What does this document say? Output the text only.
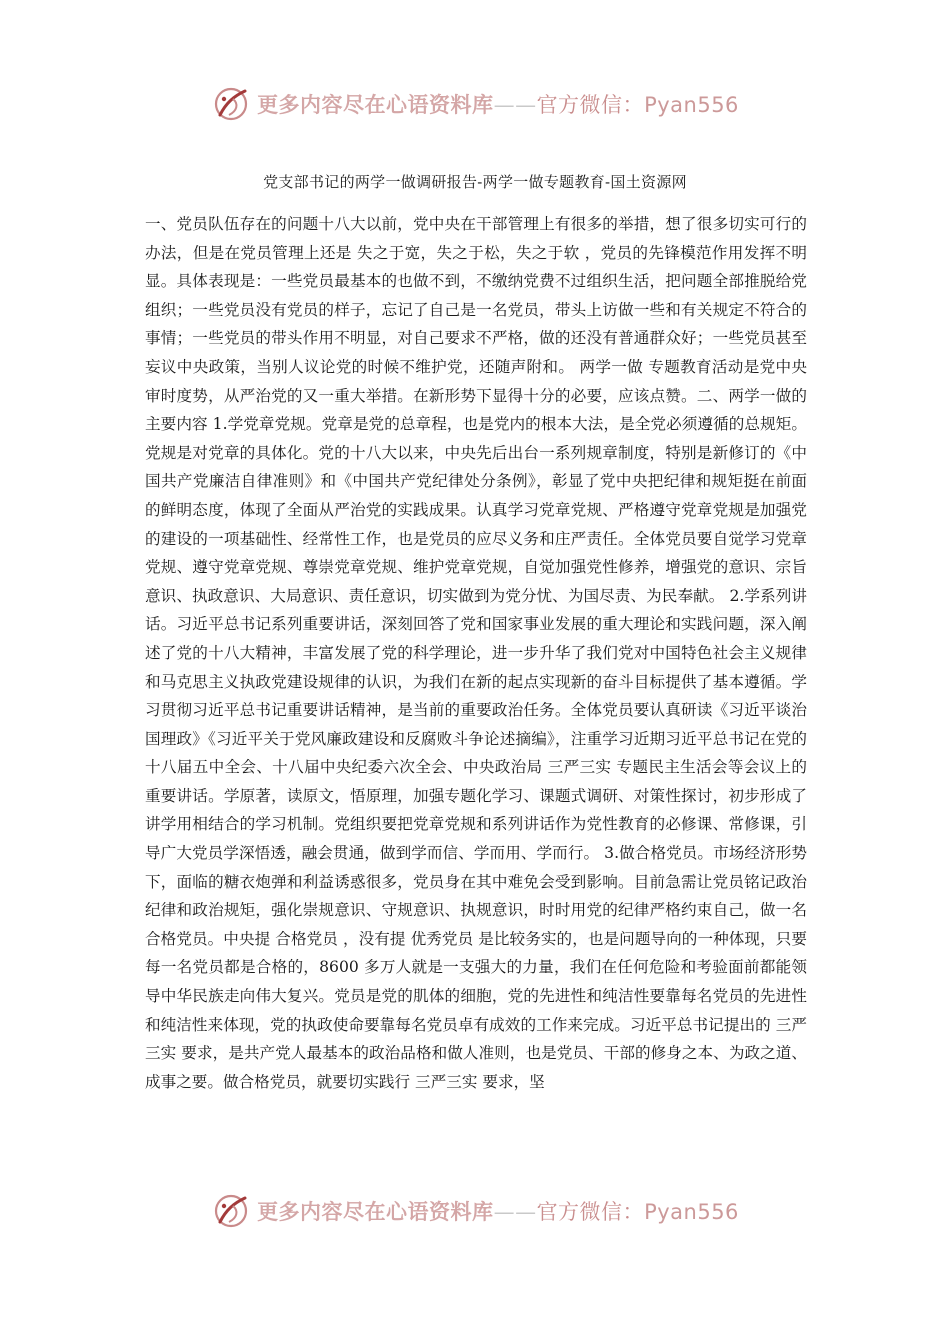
更多内容尽在心语资料库——官方微信：Pyan556
党支部书记的两学一做调研报告-两学一做专题教育-国土资源网
一、党员队伍存在的问题十八大以前，党中央在干部管理上有很多的举措，想了很多切实可行的办法，但是在党员管理上还是 失之于宽，失之于松，失之于软 ，党员的先锋模范作用发挥不明显。具体表现是：一些党员最基本的也做不到，不缴纳党费不过组织生活，把问题全部推脱给党组织；一些党员没有党员的样子，忘记了自己是一名党员，带头上访做一些和有关规定不符合的事情；一些党员的带头作用不明显，对自己要求不严格，做的还没有普通群众好；一些党员甚至妄议中央政策，当别人议论党的时候不维护党，还随声附和。 两学一做 专题教育活动是党中央审时度势，从严治党的又一重大举措。在新形势下显得十分的必要，应该点赞。二、两学一做的主要内容 1.学党章党规。党章是党的总章程，也是党内的根本大法，是全党必须遵循的总规矩。党规是对党章的具体化。党的十八大以来，中央先后出台一系列规章制度，特别是新修订的《中国共产党廉洁自律准则》和《中国共产党纪律处分条例》，彰显了党中央把纪律和规矩挺在前面的鲜明态度，体现了全面从严治党的实践成果。认真学习党章党规、严格遵守党章党规是加强党的建设的一项基础性、经常性工作，也是党员的应尽义务和庄严责任。全体党员要自觉学习党章党规、遵守党章党规、尊崇党章党规、维护党章党规，自觉加强党性修养，增强党的意识、宗旨意识、执政意识、大局意识、责任意识，切实做到为党分忧、为国尽责、为民奉献。 2.学系列讲话。习近平总书记系列重要讲话，深刻回答了党和国家事业发展的重大理论和实践问题，深入阐述了党的十八大精神，丰富发展了党的科学理论，进一步升华了我们党对中国特色社会主义规律和马克思主义执政党建设规律的认识，为我们在新的起点实现新的奋斗目标提供了基本遵循。学习贯彻习近平总书记重要讲话精神，是当前的重要政治任务。全体党员要认真研读《习近平谈治国理政》《习近平关于党风廉政建设和反腐败斗争论述摘编》，注重学习近期习近平总书记在党的十八届五中全会、十八届中央纪委六次全会、中央政治局 三严三实 专题民主生活会等会议上的重要讲话。学原著，读原文，悟原理，加强专题化学习、课题式调研、对策性探讨，初步形成了讲学用相结合的学习机制。党组织要把党章党规和系列讲话作为党性教育的必修课、常修课，引导广大党员学深悟透，融会贯通，做到学而信、学而用、学而行。 3.做合格党员。市场经济形势下，面临的糖衣炮弹和利益诱惑很多，党员身在其中难免会受到影响。目前急需让党员铭记政治纪律和政治规矩，强化崇规意识、守规意识、执规意识，时时用党的纪律严格约束自己，做一名合格党员。中央提 合格党员 ，没有提 优秀党员 是比较务实的，也是问题导向的一种体现，只要每一名党员都是合格的，8600 多万人就是一支强大的力量，我们在任何危险和考验面前都能领导中华民族走向伟大复兴。党员是党的肌体的细胞，党的先进性和纯洁性要靠每名党员的先进性和纯洁性来体现，党的执政使命要靠每名党员卓有成效的工作来完成。习近平总书记提出的 三严三实 要求，是共产党人最基本的政治品格和做人准则，也是党员、干部的修身之本、为政之道、成事之要。做合格党员，就要切实践行 三严三实 要求，坚
更多内容尽在心语资料库——官方微信：Pyan556
